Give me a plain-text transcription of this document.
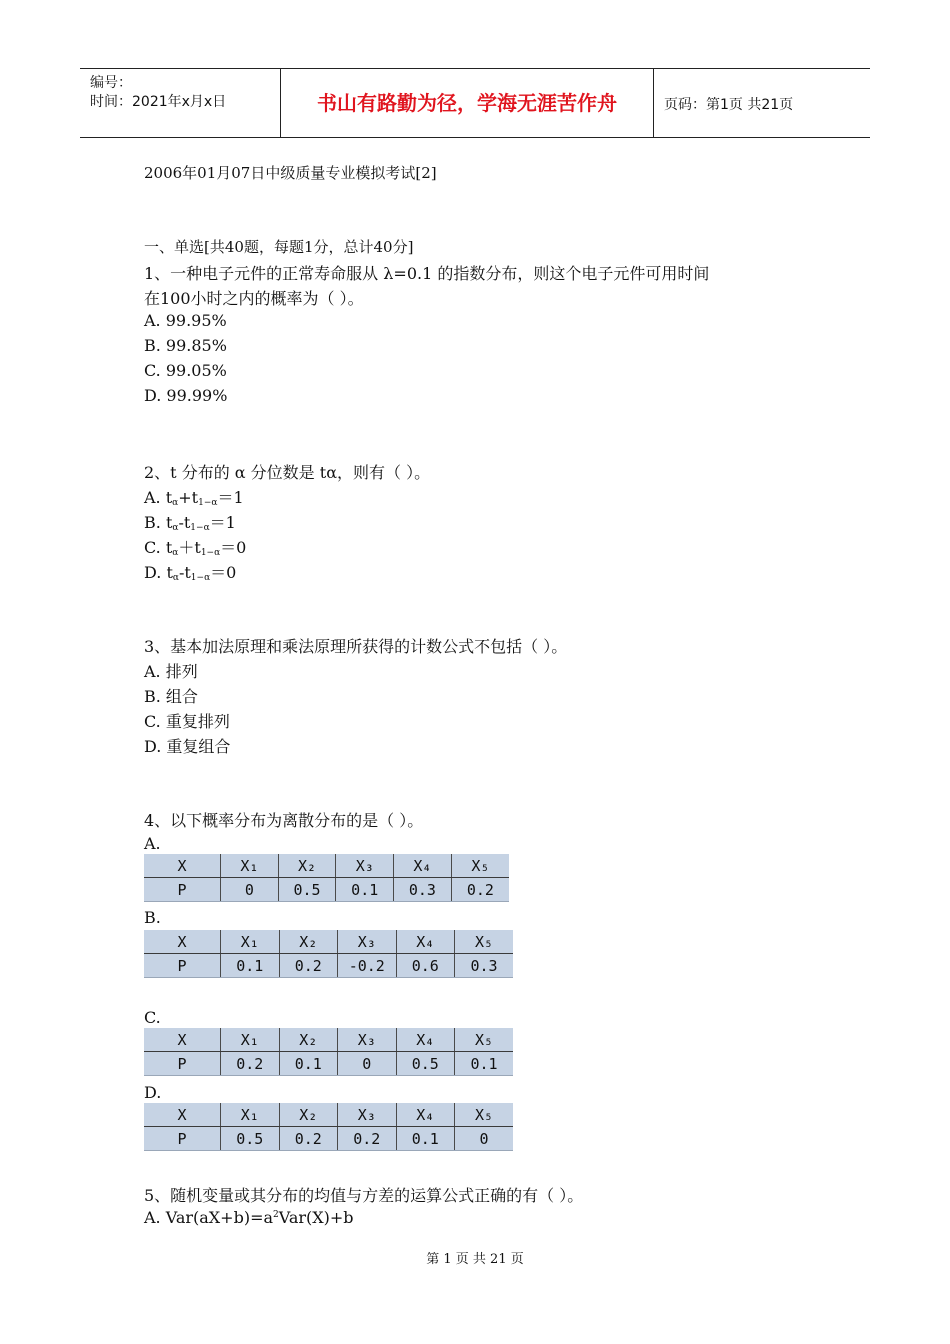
编号：
时间：2021年x月x日	书山有路勤为径，学海无涯苦作舟	页码：第1页 共21页
2006年01月07日中级质量专业模拟考试[2]
一、单选[共40题，每题1分，总计40分]
1、一种电子元件的正常寿命服从 λ=0.1 的指数分布，则这个电子元件可用时间
在100小时之内的概率为（ ）。
A. 99.95%
B. 99.85%
C. 99.05%
D. 99.99%
2、t 分布的 α 分位数是 tα，则有（ ）。
A. tα+t1−α＝1
B. tα-t1−α＝1
C. tα＋t1−α＝0
D. tα-t1−α＝0
3、基本加法原理和乘法原理所获得的计数公式不包括（ ）。
A. 排列
B. 组合
C. 重复排列
D. 重复组合
4、以下概率分布为离散分布的是（ ）。
A.
X	X₁	X₂	X₃	X₄	X₅
P	0	0.5	0.1	0.3	0.2
B.
X	X₁	X₂	X₃	X₄	X₅
P	0.1	0.2	-0.2	0.6	0.3
C.
X	X₁	X₂	X₃	X₄	X₅
P	0.2	0.1	0	0.5	0.1
D.
X	X₁	X₂	X₃	X₄	X₅
P	0.5	0.2	0.2	0.1	0
5、随机变量或其分布的均值与方差的运算公式正确的有（ ）。
A. $Var(aX+b)=a^2Var(X)+b$
第 1 页 共 21 页
